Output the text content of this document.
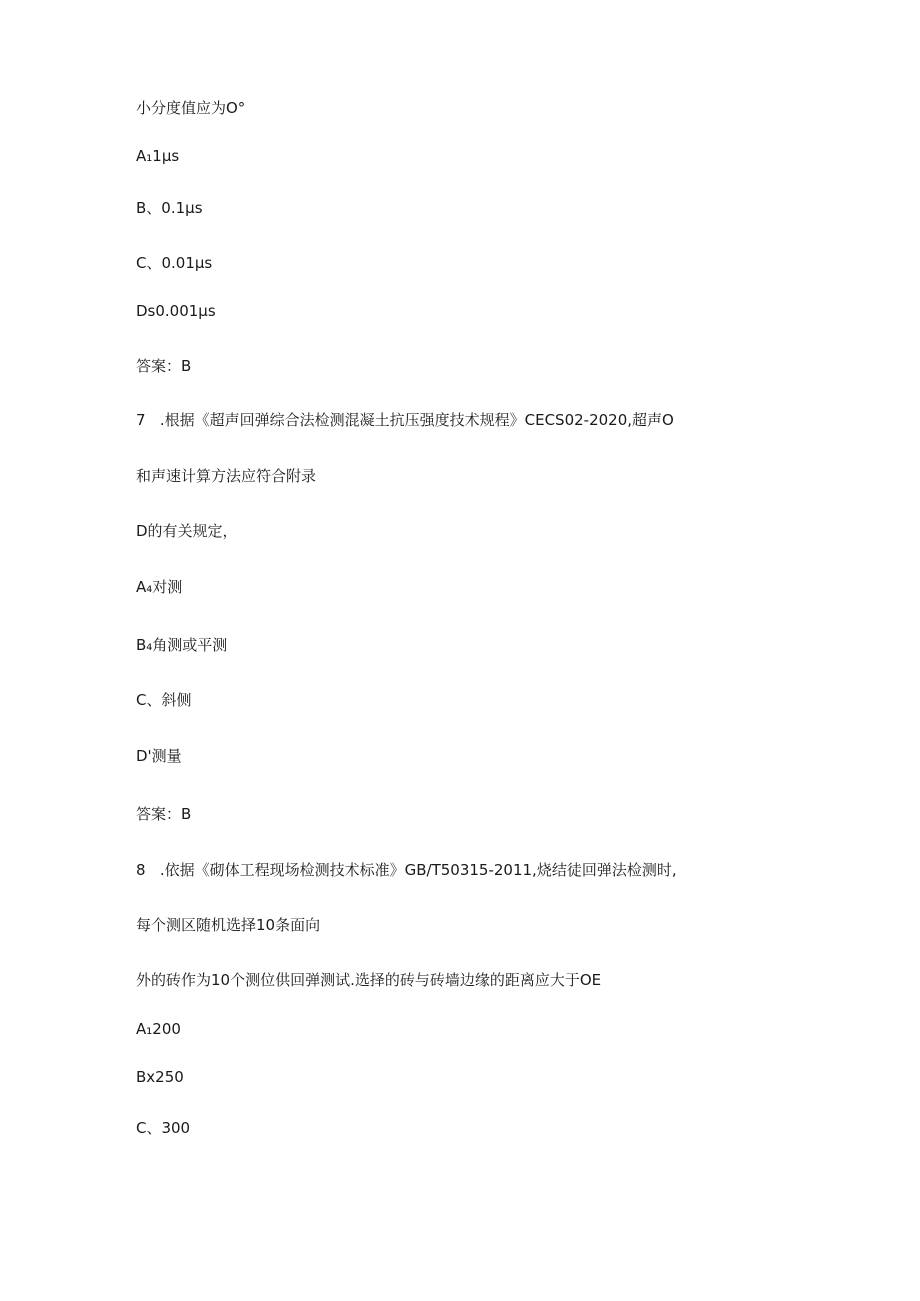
小分度值应为O°
A₁1μs
B、0.1μs
C、0.01μs
Ds0.001μs
答案：B
7   .根据《超声回弹综合法检测混凝土抗压强度技术规程》CECS02-2020,超声O
和声速计算方法应符合附录
D的有关规定，
A₄对测
B₄角测或平测
C、斜侧
D'测量
答案：B
8   .依据《砌体工程现场检测技术标准》GB/T50315-2011,烧结徒回弹法检测时,
每个测区随机选择10条面向
外的砖作为10个测位供回弹测试.选择的砖与砖墙边缘的距离应大于OE
A₁200
Bx250
C、300
